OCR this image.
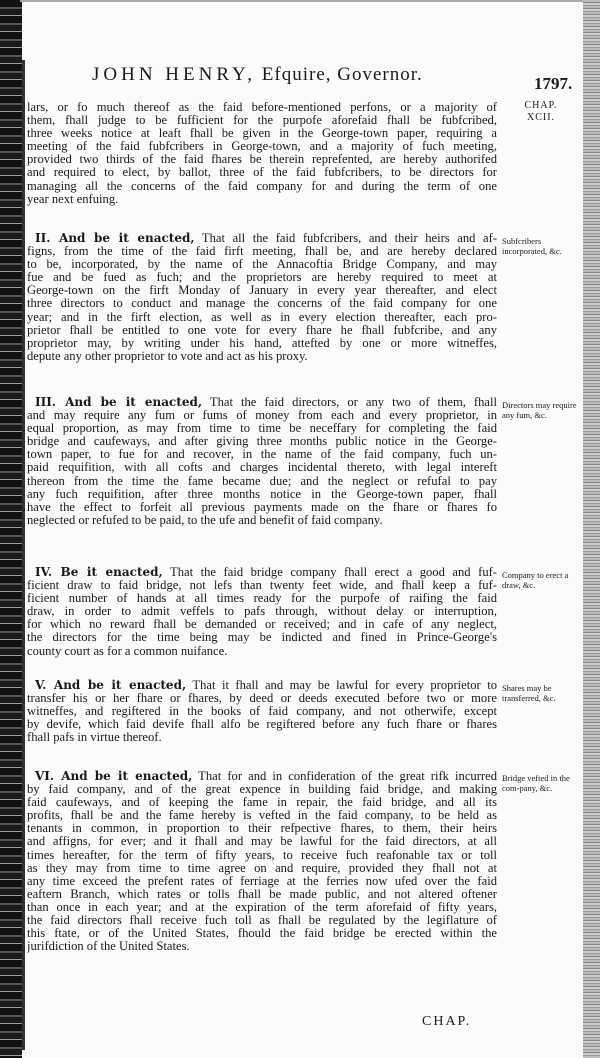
JOHN HENRY, Efquire, Governor.	1797.
CHAP.
XCII.
lars, or fo much thereof as the faid before-mentioned perfons, or a majority of
them, fhall judge to be fufficient for the purpofe aforefaid fhall be fubfcribed,
three weeks notice at leaft fhall be given in the George-town paper, requiring a
meeting of the faid fubfcribers in George-town, and a majority of fuch meeting,
provided two thirds of the faid fhares be therein reprefented, are hereby authorifed
and required to elect, by ballot, three of the faid fubfcribers, to be directors for
managing all the concerns of the faid company for and during the term of one
year next enfuing.
II. And be it enacted, That all the faid fubfcribers, and their heirs and af-
figns, from the time of the faid firft meeting, fhall be, and are hereby declared
to be, incorporated, by the name of the Annacoftia Bridge Company, and may
fue and be fued as fuch; and the proprietors are hereby required to meet at
George-town on the firft Monday of January in every year thereafter, and elect
three directors to conduct and manage the concerns of the faid company for one
year; and in the firft election, as well as in every election thereafter, each pro-
prietor fhall be entitled to one vote for every fhare he fhall fubfcribe, and any
proprietor may, by writing under his hand, attefted by one or more witneffes,
depute any other proprietor to vote and act as his proxy.
Subfcribers incorporated, &c.
III. And be it enacted, That the faid directors, or any two of them, fhall
and may require any fum or fums of money from each and every proprietor, in
equal proportion, as may from time to time be neceffary for completing the faid
bridge and caufeways, and after giving three months public notice in the George-
town paper, to fue for and recover, in the name of the faid company, fuch un-
paid requifition, with all cofts and charges incidental thereto, with legal intereft
thereon from the time the fame became due; and the neglect or refufal to pay
any fuch requifition, after three months notice in the George-town paper, fhall
have the effect to forfeit all previous payments made on the fhare or fhares fo
neglected or refufed to be paid, to the ufe and benefit of faid company.
Directors may require any fum, &c.
IV. Be it enacted, That the faid bridge company fhall erect a good and fuf-
ficient draw to faid bridge, not lefs than twenty feet wide, and fhall keep a fuf-
ficient number of hands at all times ready for the purpofe of raifing the faid
draw, in order to admit veffels to pafs through, without delay or interruption,
for which no reward fhall be demanded or received; and in cafe of any neglect,
the directors for the time being may be indicted and fined in Prince-George's
county court as for a common nuifance.
Company to erect a draw, &c.
V. And be it enacted, That it fhall and may be lawful for every proprietor to
transfer his or her fhare or fhares, by deed or deeds executed before two or more
witneffes, and regiftered in the books of faid company, and not otherwife, except
by devife, which faid devife fhall alfo be regiftered before any fuch fhare or fhares
fhall pafs in virtue thereof.
Shares may be transferred, &c.
VI. And be it enacted, That for and in confideration of the great rifk incurred
by faid company, and of the great expence in building faid bridge, and making
faid caufeways, and of keeping the fame in repair, the faid bridge, and all its
profits, fhall be and the fame hereby is vefted in the faid company, to be held as
tenants in common, in proportion to their refpective fhares, to them, their heirs
and affigns, for ever; and it fhall and may be lawful for the faid directors, at all
times hereafter, for the term of fifty years, to receive fuch reafonable tax or toll
as they may from time to time agree on and require, provided they fhall not at
any time exceed the prefent rates of ferriage at the ferries now ufed over the faid
eaftern Branch, which rates or tolls fhall be made public, and not altered oftener
than once in each year; and at the expiration of the term aforefaid of fifty years,
the faid directors fhall receive fuch toll as fhall be regulated by the legiflature of
this ftate, or of the United States, fhould the faid bridge be erected within the
jurifdiction of the United States.
Bridge vefted in the com-pany, &c.
CHAP.
